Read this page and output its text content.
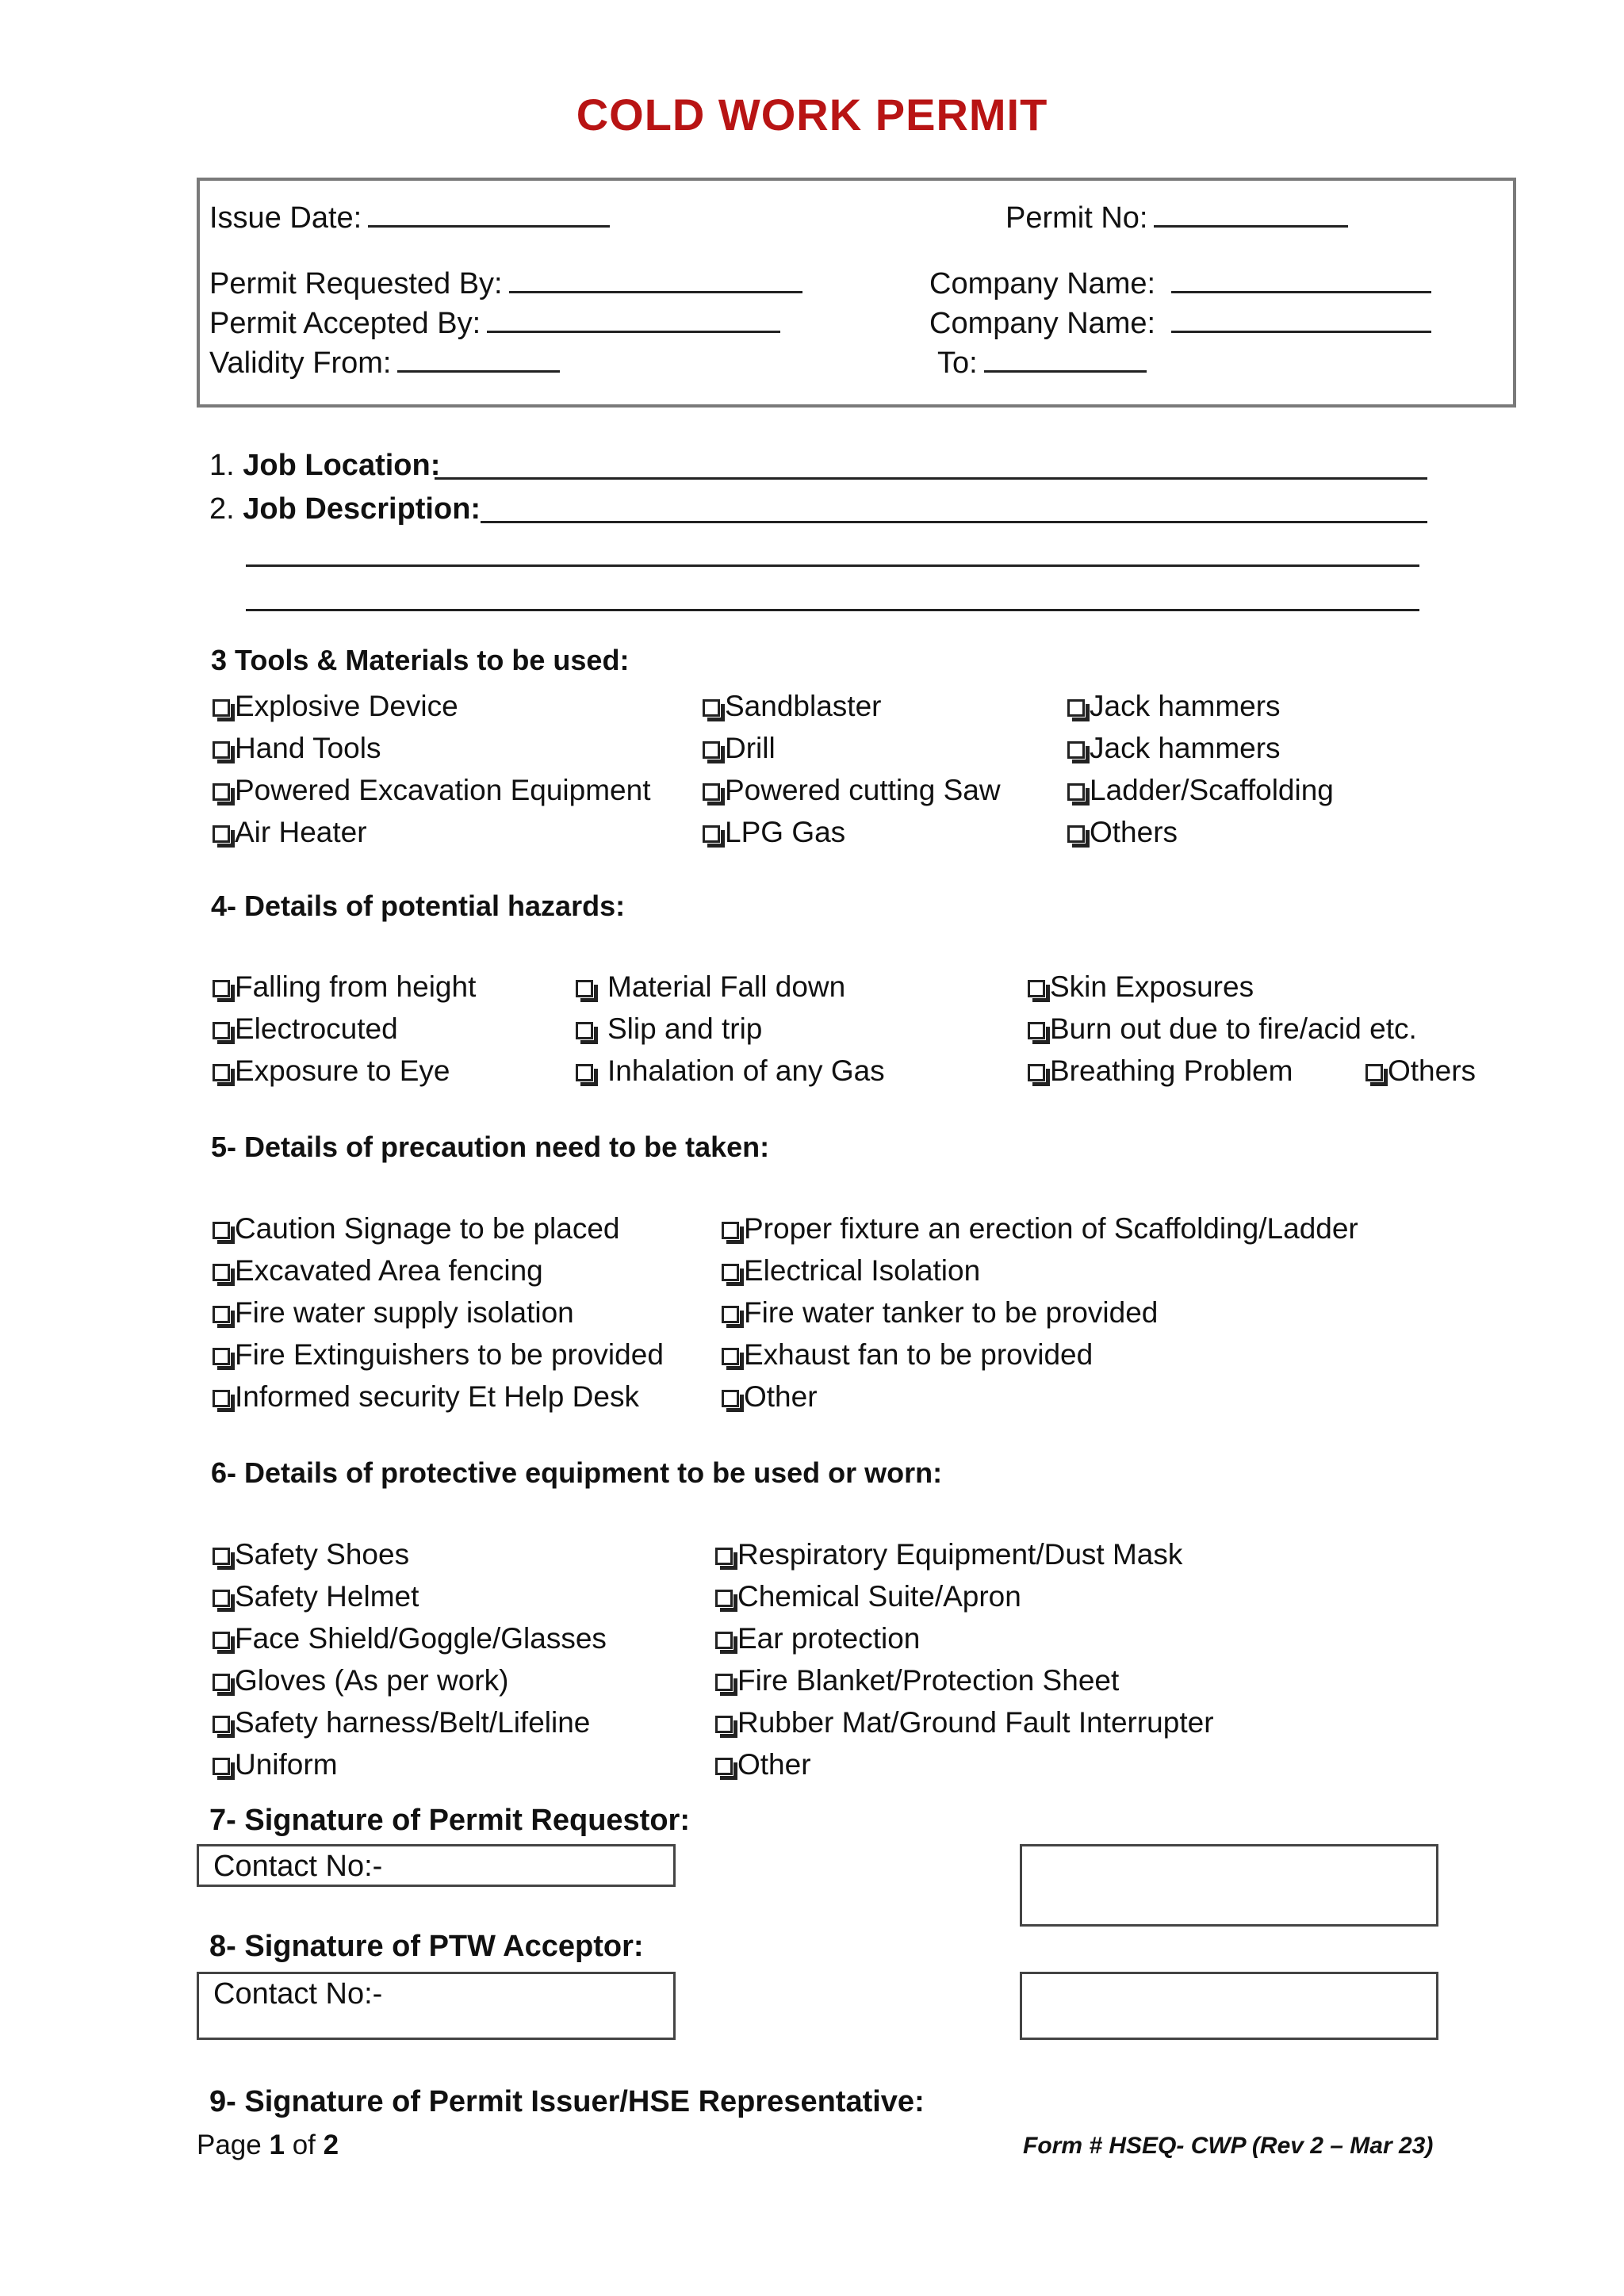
COLD WORK PERMIT
Issue Date:	Permit No:
Permit Requested By:	Company Name:
Permit Accepted By:	Company Name:
Validity From:	To:
1. Job Location:
2. Job Description:
3 Tools & Materials to be used:
Explosive Device
Hand Tools
Powered Excavation Equipment
Air Heater
Sandblaster
Drill
Powered cutting Saw
LPG Gas
Jack hammers
Jack hammers
Ladder/Scaffolding
Others
4- Details of potential hazards:
Falling from height
Electrocuted
Exposure to Eye
Material Fall down
Slip and trip
Inhalation of any Gas
Skin Exposures
Burn out due to fire/acid etc.
Breathing Problem	Others
5- Details of precaution need to be taken:
Caution Signage to be placed
Excavated Area fencing
Fire water supply isolation
Fire Extinguishers to be provided
Informed security Et Help Desk
Proper fixture an erection of Scaffolding/Ladder
Electrical Isolation
Fire water tanker to be provided
Exhaust fan to be provided
Other
6- Details of protective equipment to be used or worn:
Safety Shoes
Safety Helmet
Face Shield/Goggle/Glasses
Gloves (As per work)
Safety harness/Belt/Lifeline
Uniform
Respiratory Equipment/Dust Mask
Chemical Suite/Apron
Ear protection
Fire Blanket/Protection Sheet
Rubber Mat/Ground Fault Interrupter
Other
7- Signature of Permit Requestor:
Contact No:-
8- Signature of PTW Acceptor:
Contact No:-
9- Signature of Permit Issuer/HSE Representative:
Page 1 of 2	Form # HSEQ- CWP (Rev 2 – Mar 23)
